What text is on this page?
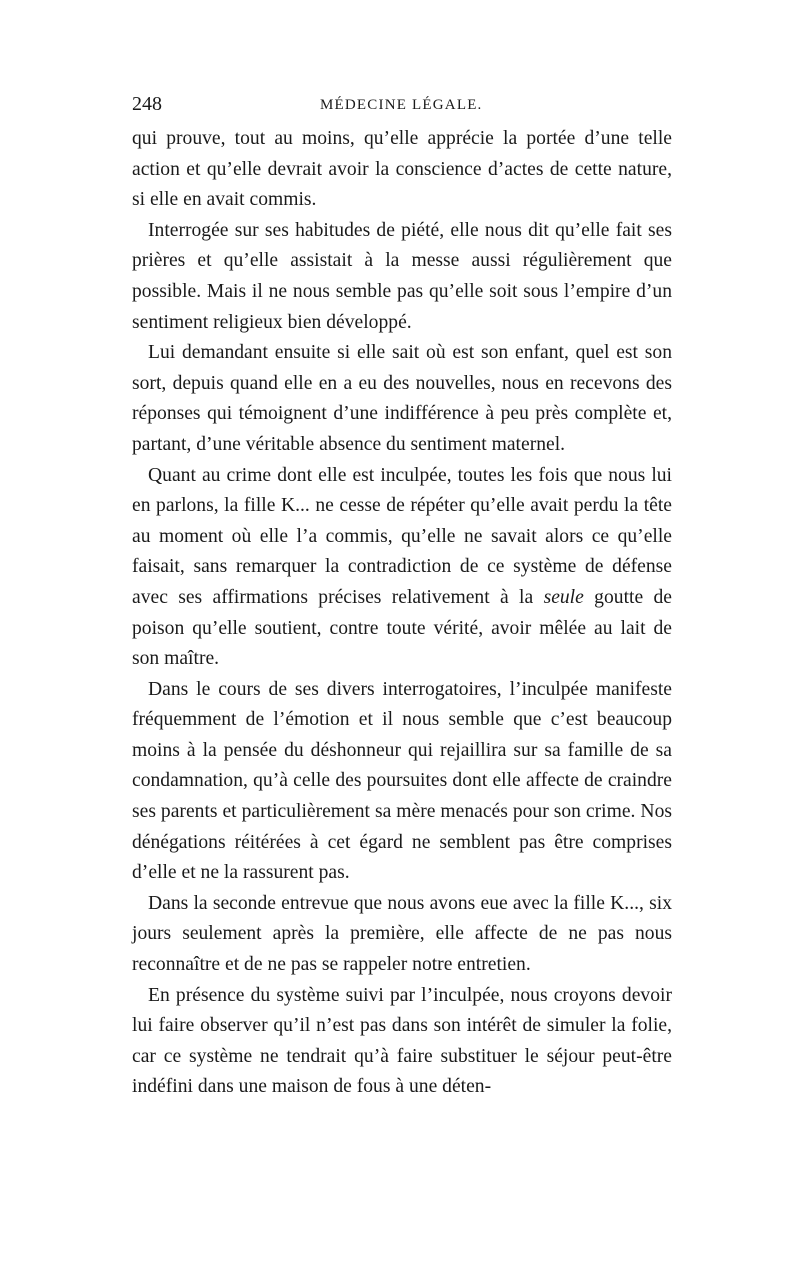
248	MÉDECINE LÉGALE.

qui prouve, tout au moins, qu’elle apprécie la portée d’une telle action et qu’elle devrait avoir la conscience d’actes de cette nature, si elle en avait commis.

Interrogée sur ses habitudes de piété, elle nous dit qu’elle fait ses prières et qu’elle assistait à la messe aussi régulièrement que possible. Mais il ne nous semble pas qu’elle soit sous l’empire d’un sentiment religieux bien développé.

Lui demandant ensuite si elle sait où est son enfant, quel est son sort, depuis quand elle en a eu des nouvelles, nous en recevons des réponses qui témoignent d’une indifférence à peu près complète et, partant, d’une véritable absence du sentiment maternel.

Quant au crime dont elle est inculpée, toutes les fois que nous lui en parlons, la fille K... ne cesse de répéter qu’elle avait perdu la tête au moment où elle l’a commis, qu’elle ne savait alors ce qu’elle faisait, sans remarquer la contradiction de ce système de défense avec ses affirmations précises relativement à la seule goutte de poison qu’elle soutient, contre toute vérité, avoir mêlée au lait de son maître.

Dans le cours de ses divers interrogatoires, l’inculpée manifeste fréquemment de l’émotion et il nous semble que c’est beaucoup moins à la pensée du déshonneur qui rejaillira sur sa famille de sa condamnation, qu’à celle des poursuites dont elle affecte de craindre ses parents et particulièrement sa mère menacés pour son crime. Nos dénégations réitérées à cet égard ne semblent pas être comprises d’elle et ne la rassurent pas.

Dans la seconde entrevue que nous avons eue avec la fille K..., six jours seulement après la première, elle affecte de ne pas nous reconnaître et de ne pas se rappeler notre entretien.

En présence du système suivi par l’inculpée, nous croyons devoir lui faire observer qu’il n’est pas dans son intérêt de simuler la folie, car ce système ne tendrait qu’à faire substituer le séjour peut-être indéfini dans une maison de fous à une déten-
